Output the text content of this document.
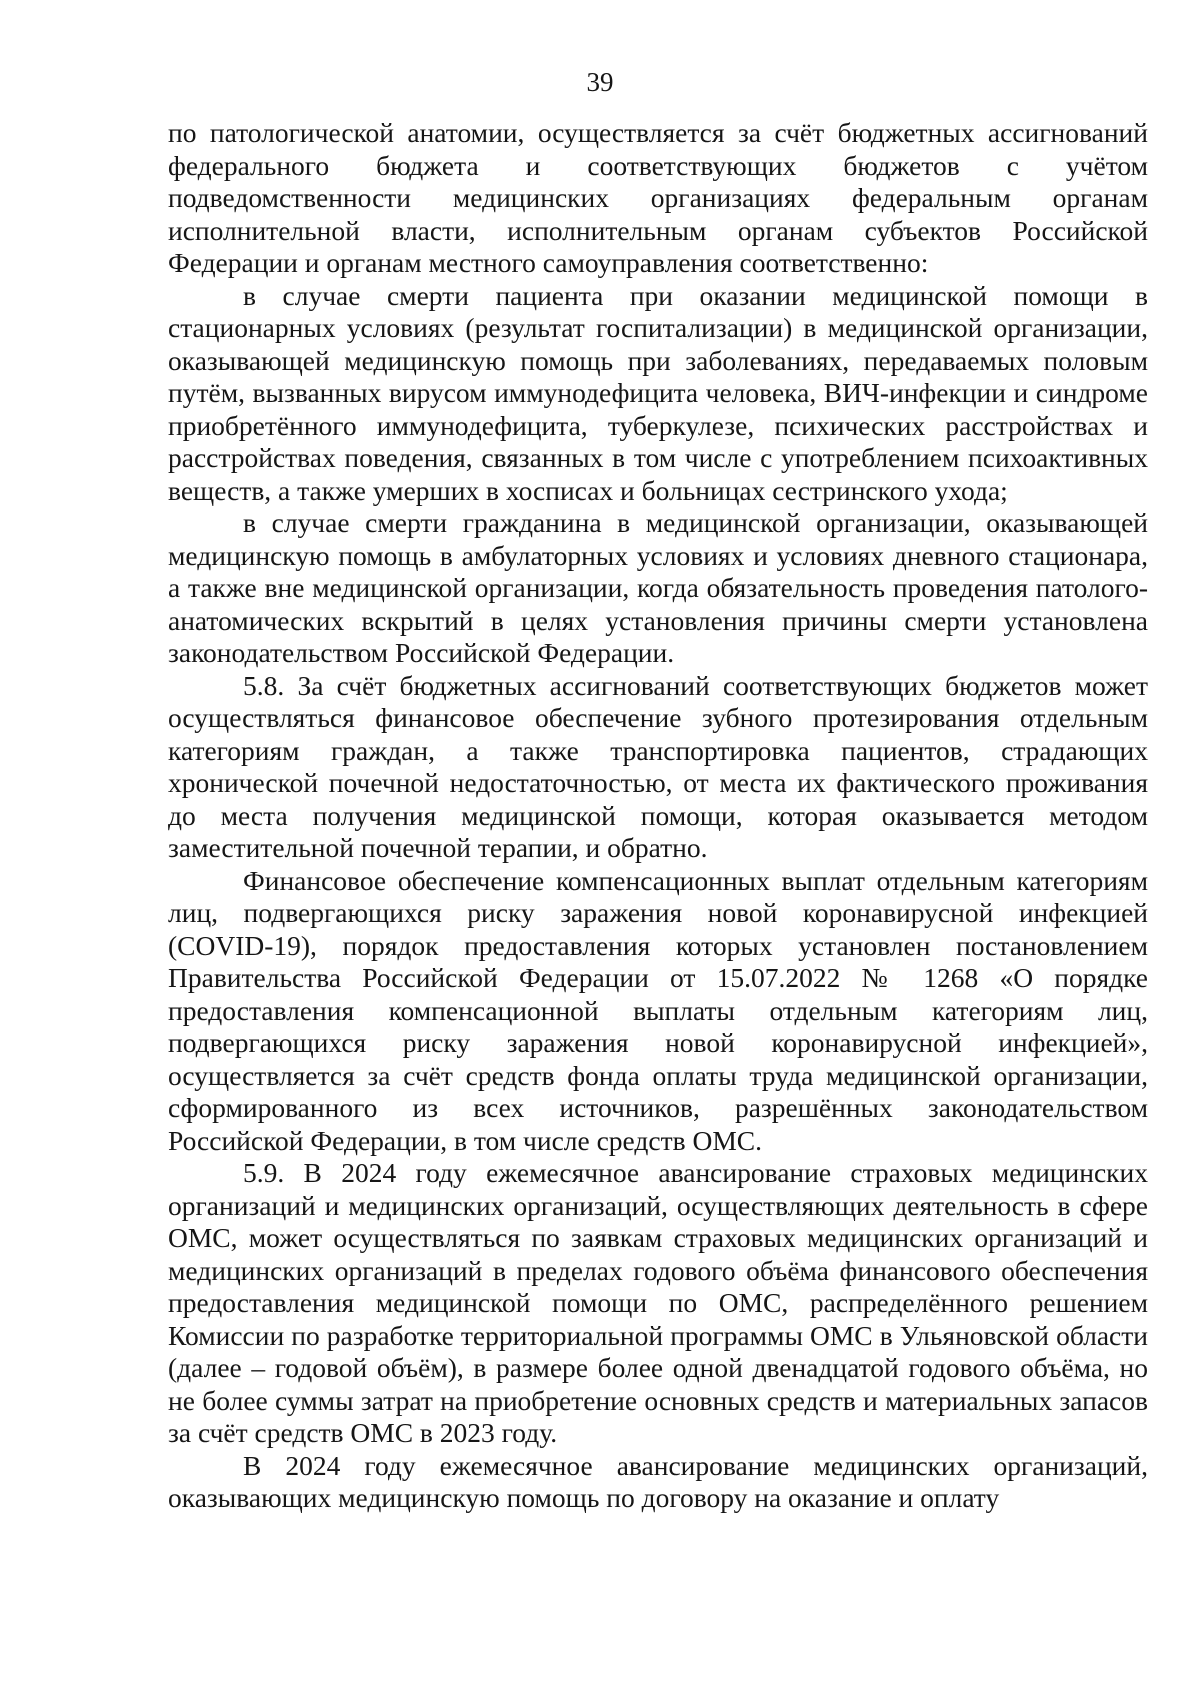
39

по патологической анатомии, осуществляется за счёт бюджетных ассигнований федерального бюджета и соответствующих бюджетов с учётом подведомственности медицинских организациях федеральным органам исполнительной власти, исполнительным органам субъектов Российской Федерации и органам местного самоуправления соответственно:

в случае смерти пациента при оказании медицинской помощи в стационарных условиях (результат госпитализации) в медицинской организации, оказывающей медицинскую помощь при заболеваниях, передаваемых половым путём, вызванных вирусом иммунодефицита человека, ВИЧ-инфекции и синдроме приобретённого иммунодефицита, туберкулезе, психических расстройствах и расстройствах поведения, связанных в том числе с употреблением психоактивных веществ, а также умерших в хосписах и больницах сестринского ухода;

в случае смерти гражданина в медицинской организации, оказывающей медицинскую помощь в амбулаторных условиях и условиях дневного стационара, а также вне медицинской организации, когда обязательность проведения патолого-анатомических вскрытий в целях установления причины смерти установлена законодательством Российской Федерации.

5.8. За счёт бюджетных ассигнований соответствующих бюджетов может осуществляться финансовое обеспечение зубного протезирования отдельным категориям граждан, а также транспортировка пациентов, страдающих хронической почечной недостаточностью, от места их фактического проживания до места получения медицинской помощи, которая оказывается методом заместительной почечной терапии, и обратно.

Финансовое обеспечение компенсационных выплат отдельным категориям лиц, подвергающихся риску заражения новой коронавирусной инфекцией (COVID-19), порядок предоставления которых установлен постановлением Правительства Российской Федерации от 15.07.2022 № 1268 «О порядке предоставления компенсационной выплаты отдельным категориям лиц, подвергающихся риску заражения новой коронавирусной инфекцией», осуществляется за счёт средств фонда оплаты труда медицинской организации, сформированного из всех источников, разрешённых законодательством Российской Федерации, в том числе средств ОМС.

5.9. В 2024 году ежемесячное авансирование страховых медицинских организаций и медицинских организаций, осуществляющих деятельность в сфере ОМС, может осуществляться по заявкам страховых медицинских организаций и медицинских организаций в пределах годового объёма финансового обеспечения предоставления медицинской помощи по ОМС, распределённого решением Комиссии по разработке территориальной программы ОМС в Ульяновской области (далее – годовой объём), в размере более одной двенадцатой годового объёма, но не более суммы затрат на приобретение основных средств и материальных запасов за счёт средств ОМС в 2023 году.

В 2024 году ежемесячное авансирование медицинских организаций, оказывающих медицинскую помощь по договору на оказание и оплату
